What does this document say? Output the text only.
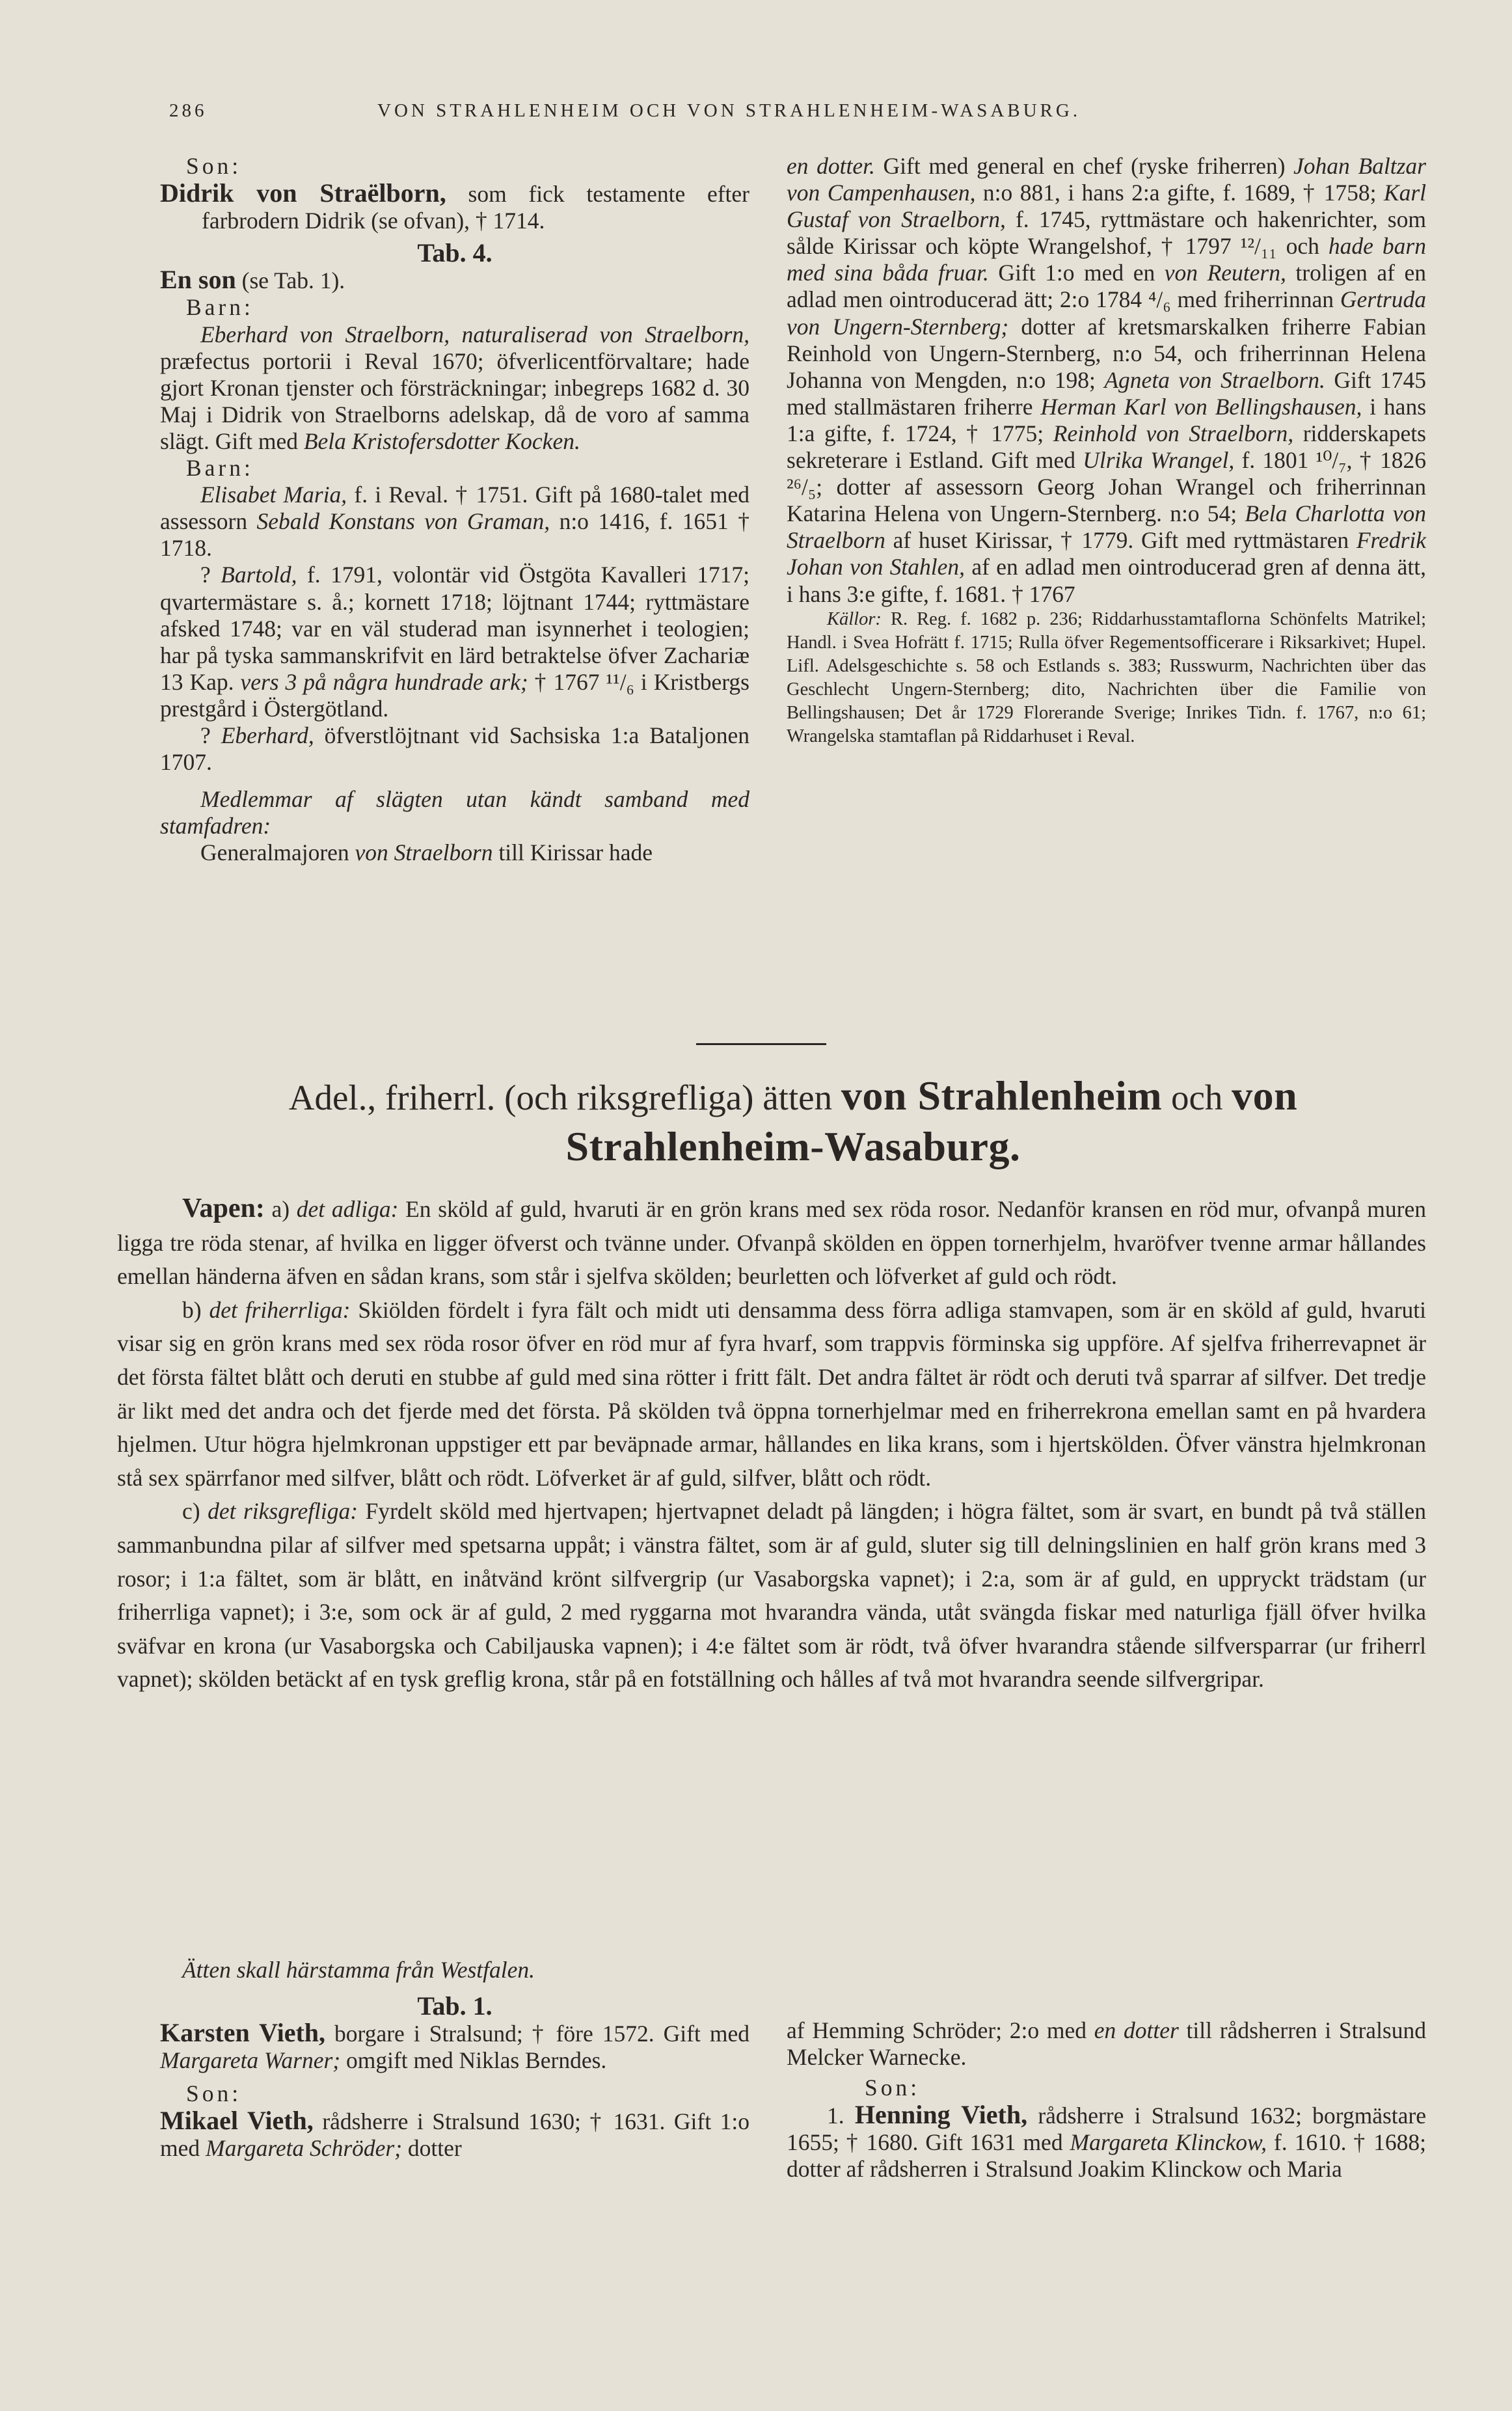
286	VON STRAHLENHEIM OCH VON STRAHLENHEIM-WASABURG.

Son:

Didrik von Straëlborn, som fick testamente efter farbrodern Didrik (se ofvan), † 1714.

Tab. 4.

En son (se Tab. 1).

Barn:

Eberhard von Straelborn, naturaliserad von Straelborn, præfectus portorii i Reval 1670; öfverlicentförvaltare; hade gjort Kronan tjenster och försträckningar; inbegreps 1682 d. 30 Maj i Didrik von Straelborns adelskap, då de voro af samma slägt. Gift med Bela Kristofersdotter Kocken.

Barn:

Elisabet Maria, f. i Reval. † 1751. Gift på 1680-talet med assessorn Sebald Konstans von Graman, n:o 1416, f. 1651 † 1718.

? Bartold, f. 1791, volontär vid Östgöta Kavalleri 1717; qvartermästare s. å.; kornett 1718; löjtnant 1744; ryttmästare afsked 1748; var en väl studerad man isynnerhet i teologien; har på tyska sammanskrifvit en lärd betraktelse öfver Zachariæ 13 Kap. vers 3 på några hundrade ark; † 1767 ¹¹/₆ i Kristbergs prestgård i Östergötland.

? Eberhard, öfverstlöjtnant vid Sachsiska 1:a Bataljonen 1707.

Medlemmar af slägten utan kändt samband med stamfadren:

Generalmajoren von Straelborn till Kirissar hade

en dotter. Gift med general en chef (ryske friherren) Johan Baltzar von Campenhausen, n:o 881, i hans 2:a gifte, f. 1689, † 1758; Karl Gustaf von Straelborn, f. 1745, ryttmästare och hakenrichter, som sålde Kirissar och köpte Wrangelshof, † 1797 ¹²/₁₁ och hade barn med sina båda fruar. Gift 1:o med en von Reutern, troligen af en adlad men ointroducerad ätt; 2:o 1784 ⁴/₆ med friherrinnan Gertruda von Ungern-Sternberg; dotter af kretsmarskalken friherre Fabian Reinhold von Ungern-Sternberg, n:o 54, och friherrinnan Helena Johanna von Mengden, n:o 198; Agneta von Straelborn. Gift 1745 med stallmästaren friherre Herman Karl von Bellingshausen, i hans 1:a gifte, f. 1724, † 1775; Reinhold von Straelborn, ridderskapets sekreterare i Estland. Gift med Ulrika Wrangel, f. 1801 ¹⁰/₇, † 1826 ²⁶/₅; dotter af assessorn Georg Johan Wrangel och friherrinnan Katarina Helena von Ungern-Sternberg. n:o 54; Bela Charlotta von Straelborn af huset Kirissar, † 1779. Gift med ryttmästaren Fredrik Johan von Stahlen, af en adlad men ointroducerad gren af denna ätt, i hans 3:e gifte, f. 1681. † 1767

Källor: R. Reg. f. 1682 p. 236; Riddarhusstamtaflorna Schönfelts Matrikel; Handl. i Svea Hofrätt f. 1715; Rulla öfver Regementsofficerare i Riksarkivet; Hupel. Lifl. Adelsgeschichte s. 58 och Estlands s. 383; Russwurm, Nachrichten über das Geschlecht Ungern-Sternberg; dito, Nachrichten über die Familie von Bellingshausen; Det år 1729 Florerande Sverige; Inrikes Tidn. f. 1767, n:o 61; Wrangelska stamtaflan på Riddarhuset i Reval.

Adel., friherrl. (och riksgrefliga) ätten von Strahlenheim och von
Strahlenheim-Wasaburg.

Vapen: a) det adliga: En sköld af guld, hvaruti är en grön krans med sex röda rosor. Nedanför kransen en röd mur, ofvanpå muren ligga tre röda stenar, af hvilka en ligger öfverst och tvänne under. Ofvanpå skölden en öppen tornerhjelm, hvaröfver tvenne armar hållandes emellan händerna äfven en sådan krans, som står i sjelfva skölden; beurletten och löfverket af guld och rödt.

b) det friherrliga: Skiölden fördelt i fyra fält och midt uti densamma dess förra adliga stamvapen, som är en sköld af guld, hvaruti visar sig en grön krans med sex röda rosor öfver en röd mur af fyra hvarf, som trappvis förminska sig uppföre. Af sjelfva friherrevapnet är det första fältet blått och deruti en stubbe af guld med sina rötter i fritt fält. Det andra fältet är rödt och deruti två sparrar af silfver. Det tredje är likt med det andra och det fjerde med det första. På skölden två öppna tornerhjelmar med en friherrekrona emellan samt en på hvardera hjelmen. Utur högra hjelmkronan uppstiger ett par beväpnade armar, hållandes en lika krans, som i hjertskölden. Öfver vänstra hjelmkronan stå sex spärrfanor med silfver, blått och rödt. Löfverket är af guld, silfver, blått och rödt.

c) det riksgrefliga: Fyrdelt sköld med hjertvapen; hjertvapnet deladt på längden; i högra fältet, som är svart, en bundt på två ställen sammanbundna pilar af silfver med spetsarna uppåt; i vänstra fältet, som är af guld, sluter sig till delningslinien en half grön krans med 3 rosor; i 1:a fältet, som är blått, en inåtvänd krönt silfvergrip (ur Vasaborgska vapnet); i 2:a, som är af guld, en uppryckt trädstam (ur friherrliga vapnet); i 3:e, som ock är af guld, 2 med ryggarna mot hvarandra vända, utåt svängda fiskar med naturliga fjäll öfver hvilka sväfvar en krona (ur Vasaborgska och Cabiljauska vapnen); i 4:e fältet som är rödt, två öfver hvarandra stående silfversparrar (ur friherrl vapnet); skölden betäckt af en tysk greflig krona, står på en fotställning och hålles af två mot hvarandra seende silfvergripar.

Ätten skall härstamma från Westfalen.

Tab. 1.

Karsten Vieth, borgare i Stralsund; † före 1572. Gift med Margareta Warner; omgift med Niklas Berndes.

Son:

Mikael Vieth, rådsherre i Stralsund 1630; † 1631. Gift 1:o med Margareta Schröder; dotter

af Hemming Schröder; 2:o med en dotter till rådsherren i Stralsund Melcker Warnecke.

Son:

1. Henning Vieth, rådsherre i Stralsund 1632; borgmästare 1655; † 1680. Gift 1631 med Margareta Klinckow, f. 1610. † 1688; dotter af rådsherren i Stralsund Joakim Klinckow och Maria
